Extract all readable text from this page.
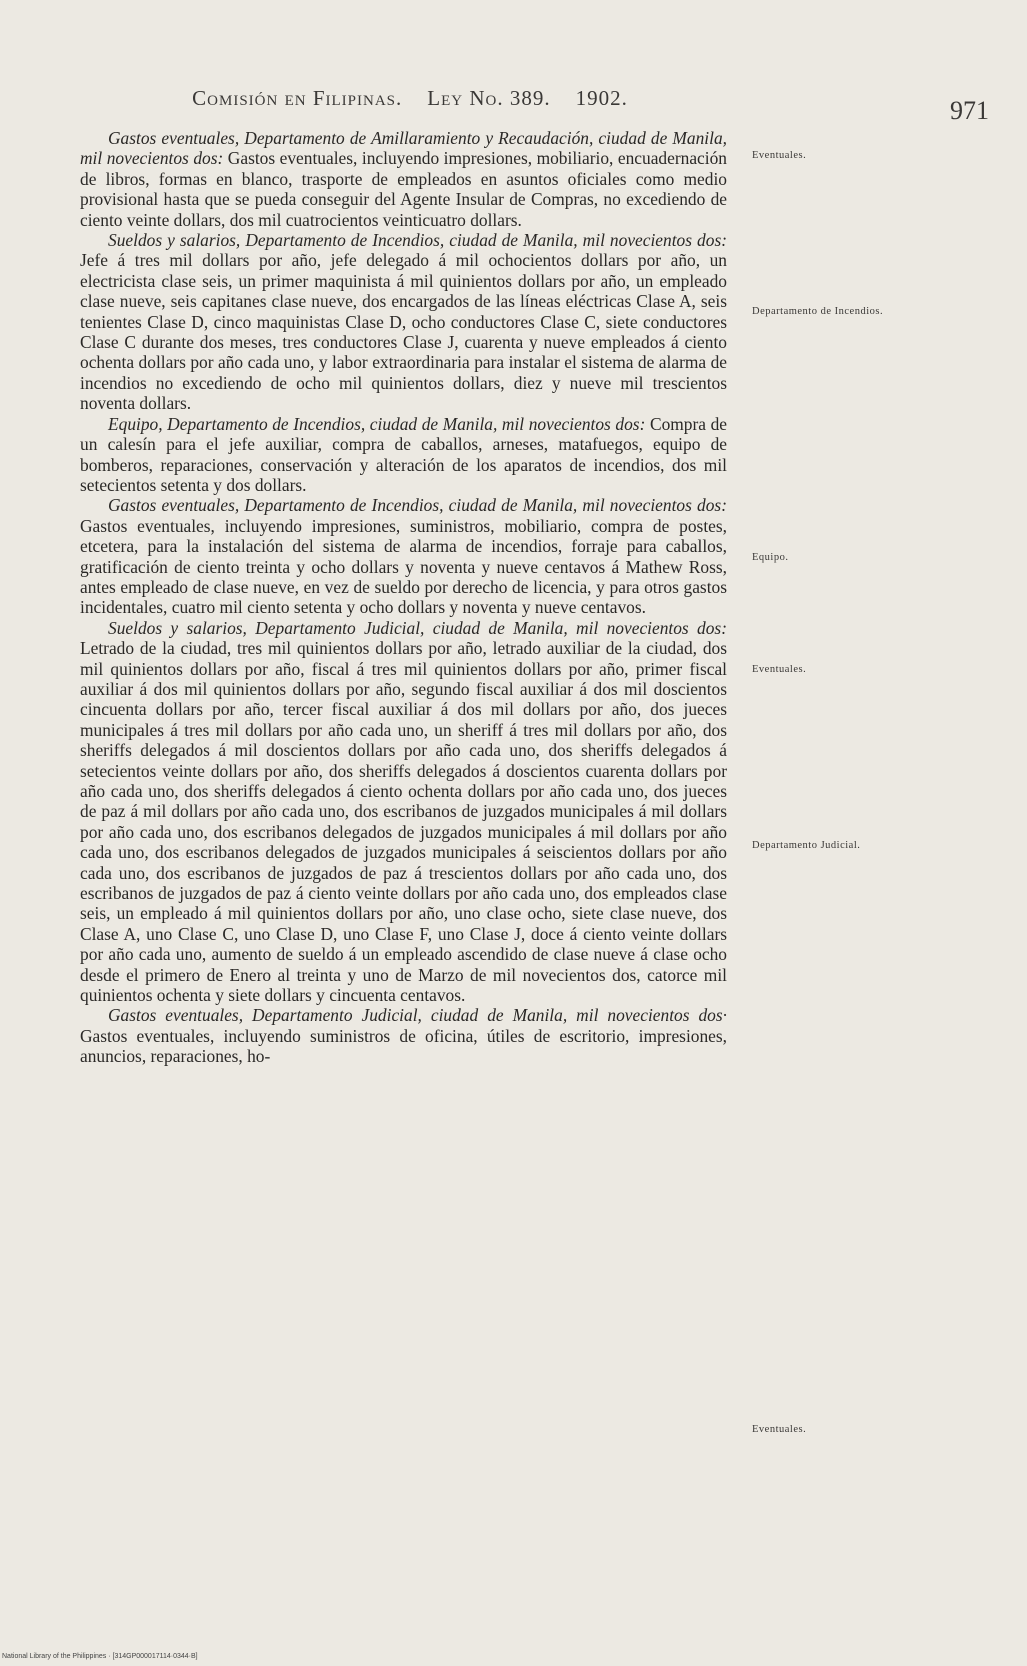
Comisión en Filipinas. Ley No. 389. 1902.	971

Gastos eventuales, Departamento de Amillaramiento y Recaudación, ciudad de Manila, mil novecientos dos: Gastos eventuales, incluyendo impresiones, mobiliario, encuadernación de libros, formas en blanco, trasporte de empleados en asuntos oficiales como medio provisional hasta que se pueda conseguir del Agente Insular de Compras, no excediendo de ciento veinte dollars, dos mil cuatrocientos veinticuatro dollars.

Sueldos y salarios, Departamento de Incendios, ciudad de Manila, mil novecientos dos: Jefe á tres mil dollars por año, jefe delegado á mil ochocientos dollars por año, un electricista clase seis, un primer maquinista á mil quinientos dollars por año, un empleado clase nueve, seis capitanes clase nueve, dos encargados de las líneas eléctricas Clase A, seis tenientes Clase D, cinco maquinistas Clase D, ocho conductores Clase C, siete conductores Clase C durante dos meses, tres conductores Clase J, cuarenta y nueve empleados á ciento ochenta dollars por año cada uno, y labor extraordinaria para instalar el sistema de alarma de incendios no excediendo de ocho mil quinientos dollars, diez y nueve mil trescientos noventa dollars.

Equipo, Departamento de Incendios, ciudad de Manila, mil novecientos dos: Compra de un calesín para el jefe auxiliar, compra de caballos, arneses, matafuegos, equipo de bomberos, reparaciones, conservación y alteración de los aparatos de incendios, dos mil setecientos setenta y dos dollars.

Gastos eventuales, Departamento de Incendios, ciudad de Manila, mil novecientos dos: Gastos eventuales, incluyendo impresiones, suministros, mobiliario, compra de postes, etcetera, para la instalación del sistema de alarma de incendios, forraje para caballos, gratificación de ciento treinta y ocho dollars y noventa y nueve centavos á Mathew Ross, antes empleado de clase nueve, en vez de sueldo por derecho de licencia, y para otros gastos incidentales, cuatro mil ciento setenta y ocho dollars y noventa y nueve centavos.

Sueldos y salarios, Departamento Judicial, ciudad de Manila, mil novecientos dos: Letrado de la ciudad, tres mil quinientos dollars por año, letrado auxiliar de la ciudad, dos mil quinientos dollars por año, fiscal á tres mil quinientos dollars por año, primer fiscal auxiliar á dos mil quinientos dollars por año, segundo fiscal auxiliar á dos mil doscientos cincuenta dollars por año, tercer fiscal auxiliar á dos mil dollars por año, dos jueces municipales á tres mil dollars por año cada uno, un sheriff á tres mil dollars por año, dos sheriffs delegados á mil doscientos dollars por año cada uno, dos sheriffs delegados á setecientos veinte dollars por año, dos sheriffs delegados á doscientos cuarenta dollars por año cada uno, dos sheriffs delegados á ciento ochenta dollars por año cada uno, dos jueces de paz á mil dollars por año cada uno, dos escribanos de juzgados municipales á mil dollars por año cada uno, dos escribanos delegados de juzgados municipales á mil dollars por año cada uno, dos escribanos delegados de juzgados municipales á seiscientos dollars por año cada uno, dos escribanos de juzgados de paz á trescientos dollars por año cada uno, dos escribanos de juzgados de paz á ciento veinte dollars por año cada uno, dos empleados clase seis, un empleado á mil quinientos dollars por año, uno clase ocho, siete clase nueve, dos Clase A, uno Clase C, uno Clase D, uno Clase F, uno Clase J, doce á ciento veinte dollars por año cada uno, aumento de sueldo á un empleado ascendido de clase nueve á clase ocho desde el primero de Enero al treinta y uno de Marzo de mil novecientos dos, catorce mil quinientos ochenta y siete dollars y cincuenta centavos.

Gastos eventuales, Departamento Judicial, ciudad de Manila, mil novecientos dos· Gastos eventuales, incluyendo suministros de oficina, útiles de escritorio, impresiones, anuncios, reparaciones, ho-

Eventuales.
Departamento de Incendios.
Equipo.
Eventuales.
Departamento Judicial.
Eventuales.
National Library of the Philippines · [314GP000017114·0344·B]
